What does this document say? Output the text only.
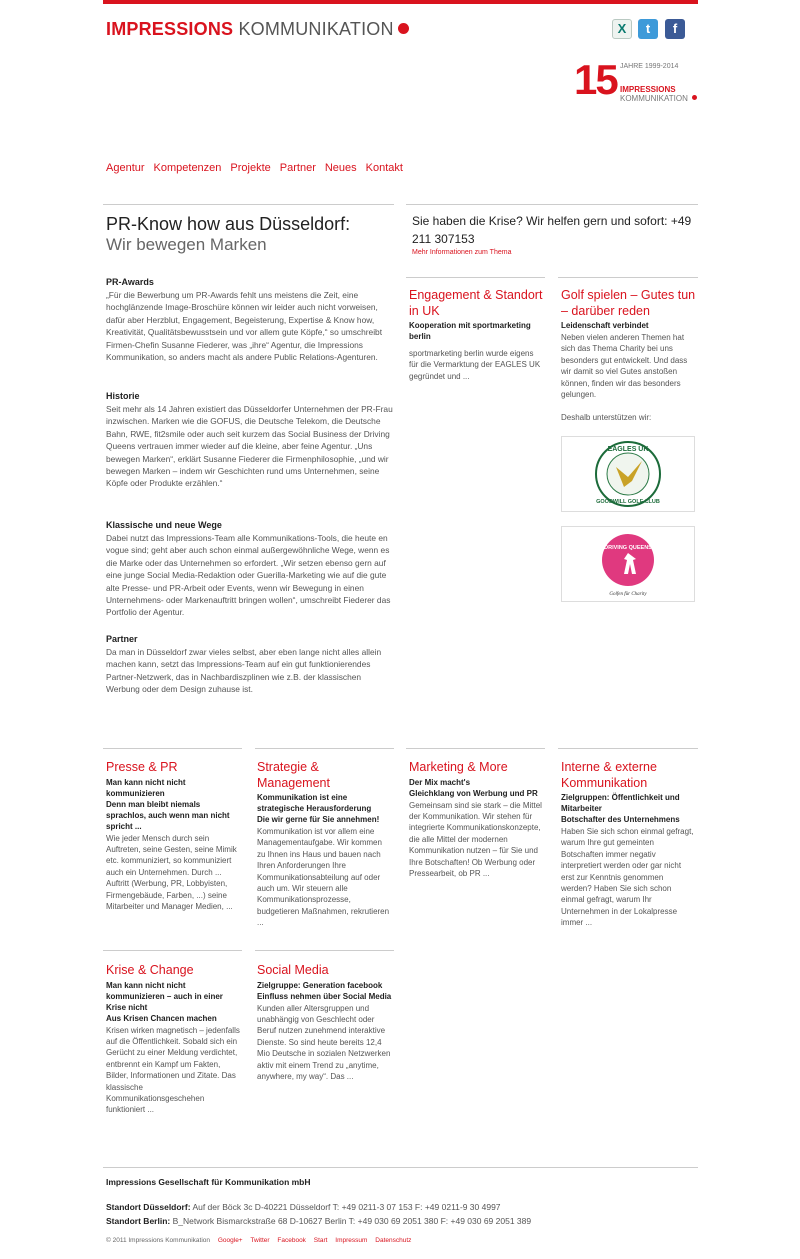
IMPRESSIONS KOMMUNIKATION	X	t	f
15 JAHRE 1999-2014
IMPRESSIONS
KOMMUNIKATION
Agentur Kompetenzen Projekte Partner Neues Kontakt
PR-Know how aus Düsseldorf:
Wir bewegen Marken
PR-Awards

„Für die Bewerbung um PR-Awards fehlt uns meistens die Zeit, eine hochglänzende Image-Broschüre können wir leider auch nicht vorweisen, dafür aber Herzblut, Engagement, Begeisterung, Expertise & Know how, Kreativität, Qualitätsbewusstsein und vor allem gute Köpfe,“ so umschreibt Firmen-Chefin Susanne Fiederer, was „ihre“ Agentur, die Impressions Kommunikation, so anders macht als andere Public Relations-Agenturen.

Historie

Seit mehr als 14 Jahren existiert das Düsseldorfer Unternehmen der PR-Frau inzwischen. Marken wie die GOFUS, die Deutsche Telekom, die Deutsche Bahn, RWE, fit2smile oder auch seit kurzem das Social Business der Driving Queens vertrauen immer wieder auf die kleine, aber feine Agentur. „Uns bewegen Marken“, erklärt Susanne Fiederer die Firmenphilosophie, „und wir bewegen Marken – indem wir Geschichten rund ums Unternehmen, seine Köpfe oder Produkte erzählen.“

Klassische und neue Wege

Dabei nutzt das Impressions-Team alle Kommunikations-Tools, die heute en vogue sind; geht aber auch schon einmal außergewöhnliche Wege, wenn es die Marke oder das Unternehmen so erfordert. „Wir setzen ebenso gern auf eine junge Social Media-Redaktion oder Guerilla-Marketing wie auf die gute alte Presse- und PR-Arbeit oder Events, wenn wir Bewegung in einen Unternehmens- oder Markenauftritt bringen wollen“, umschreibt Fiederer das Portfolio der Agentur.

Partner

Da man in Düsseldorf zwar vieles selbst, aber eben lange nicht alles allein machen kann, setzt das Impressions-Team auf ein gut funktionierendes Partner-Netzwerk, das in Nachbardiszplinen wie z.B. der klassischen Werbung oder dem Design zuhause ist.

Sie haben die Krise? Wir helfen gern und sofort: +49 211 307153
Mehr Informationen zum Thema

Engagement & Standort in UK

Kooperation mit sportmarketing berlin

sportmarketing berlin wurde eigens für die Vermarktung der EAGLES UK gegründet und ...

Golf spielen – Gutes tun – darüber reden

Leidenschaft verbindet

Neben vielen anderen Themen hat sich das Thema Charity bei uns besonders gut entwickelt. Und dass wir damit so viel Gutes anstoßen können, finden wir das besonders gelungen.

Deshalb unterstützen wir:

EAGLES UK
GOODWILL GOLF CLUB
DRIVING QUEENS
Golfen für Charity

Presse & PR

Man kann nicht nicht kommunizieren
Denn man bleibt niemals sprachlos, auch wenn man nicht spricht ...

Wie jeder Mensch durch sein Auftreten, seine Gesten, seine Mimik etc. kommuniziert, so kommuniziert auch ein Unternehmen. Durch ... Auftritt (Werbung, PR, Lobbyisten, Firmengebäude, Farben, ...) seine Mitarbeiter und Manager Medien, ...

Strategie & Management

Kommunikation ist eine strategische Herausforderung
Die wir gerne für Sie annehmen!

Kommunikation ist vor allem eine Managementaufgabe. Wir kommen zu Ihnen ins Haus und bauen nach Ihren Anforderungen Ihre Kommunikationsabteilung auf oder auch um. Wir steuern alle Kommunikationsprozesse, budgetieren Maßnahmen, rekrutieren ...

Marketing & More

Der Mix macht's
Gleichklang von Werbung und PR

Gemeinsam sind sie stark – die Mittel der Kommunikation. Wir stehen für integrierte Kommunikationskonzepte, die alle Mittel der modernen Kommunikation nutzen – für Sie und Ihre Botschaften! Ob Werbung oder Pressearbeit, ob PR ...

Interne & externe Kommunikation

Zielgruppen: Öffentlichkeit und Mitarbeiter
Botschafter des Unternehmens

Haben Sie sich schon einmal gefragt, warum Ihre gut gemeinten Botschaften immer negativ interpretiert werden oder gar nicht erst zur Kenntnis genommen werden? Haben Sie sich schon einmal gefragt, warum Ihr Unternehmen in der Lokalpresse immer ...

Krise & Change

Man kann nicht nicht kommunizieren – auch in einer Krise nicht
Aus Krisen Chancen machen

Krisen wirken magnetisch – jedenfalls auf die Öffentlichkeit. Sobald sich ein Gerücht zu einer Meldung verdichtet, entbrennt ein Kampf um Fakten, Bilder, Informationen und Zitate. Das klassische Kommunikationsgeschehen funktioniert ...

Social Media

Zielgruppe: Generation facebook
Einfluss nehmen über Social Media

Kunden aller Altersgruppen und unabhängig von Geschlecht oder Beruf nutzen zunehmend interaktive Dienste. So sind heute bereits 12,4 Mio Deutsche in sozialen Netzwerken aktiv mit einem Trend zu „anytime, anywhere, my way“. Das ...

Impressions Gesellschaft für Kommunikation mbH
Standort Düsseldorf: Auf der Böck 3c D-40221 Düsseldorf T: +49 0211-3 07 153 F: +49 0211-9 30 4997
Standort Berlin: B_Network Bismarckstraße 68 D-10627 Berlin T: +49 030 69 2051 380 F: +49 030 69 2051 389
© 2011 Impressions Kommunikation Google+ Twitter Facebook Start Impressum Datenschutz
